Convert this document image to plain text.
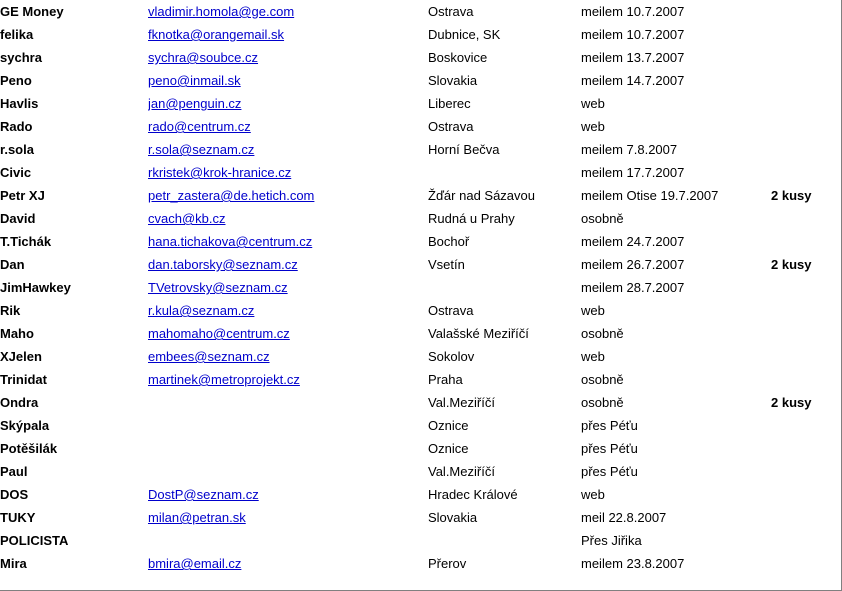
GE Money	vladimir.homola@ge.com	Ostrava	meilem 10.7.2007	
felika	fknotka@orangemail.sk	Dubnice, SK	meilem 10.7.2007	
sychra	sychra@soubce.cz	Boskovice	meilem 13.7.2007	
Peno	peno@inmail.sk	Slovakia	meilem 14.7.2007	
Havlis	jan@penguin.cz	Liberec	web	
Rado	rado@centrum.cz	Ostrava	web	
r.sola	r.sola@seznam.cz	Horní Bečva	meilem 7.8.2007	
Civic	rkristek@krok-hranice.cz		meilem 17.7.2007	
Petr XJ	petr_zastera@de.hetich.com	Žďár nad Sázavou	meilem Otise 19.7.2007	2 kusy
David	cvach@kb.cz	Rudná u Prahy	osobně	
T.Tichák	hana.tichakova@centrum.cz	Bochoř	meilem 24.7.2007	
Dan	dan.taborsky@seznam.cz	Vsetín	meilem 26.7.2007	2 kusy
JimHawkey	TVetrovsky@seznam.cz		meilem 28.7.2007	
Rik	r.kula@seznam.cz	Ostrava	web	
Maho	mahomaho@centrum.cz	Valašské Meziříčí	osobně	
XJelen	embees@seznam.cz	Sokolov	web	
Trinidat	martinek@metroprojekt.cz	Praha	osobně	
Ondra		Val.Meziříčí	osobně	2 kusy
Skýpala		Oznice	přes Péťu	
Potěšilák		Oznice	přes Péťu	
Paul		Val.Meziříčí	přes Péťu	
DOS	DostP@seznam.cz	Hradec Králové	web	
TUKY	milan@petran.sk	Slovakia	meil 22.8.2007	
POLICISTA			Přes Jiřika	
Mira	bmira@email.cz	Přerov	meilem 23.8.2007	
